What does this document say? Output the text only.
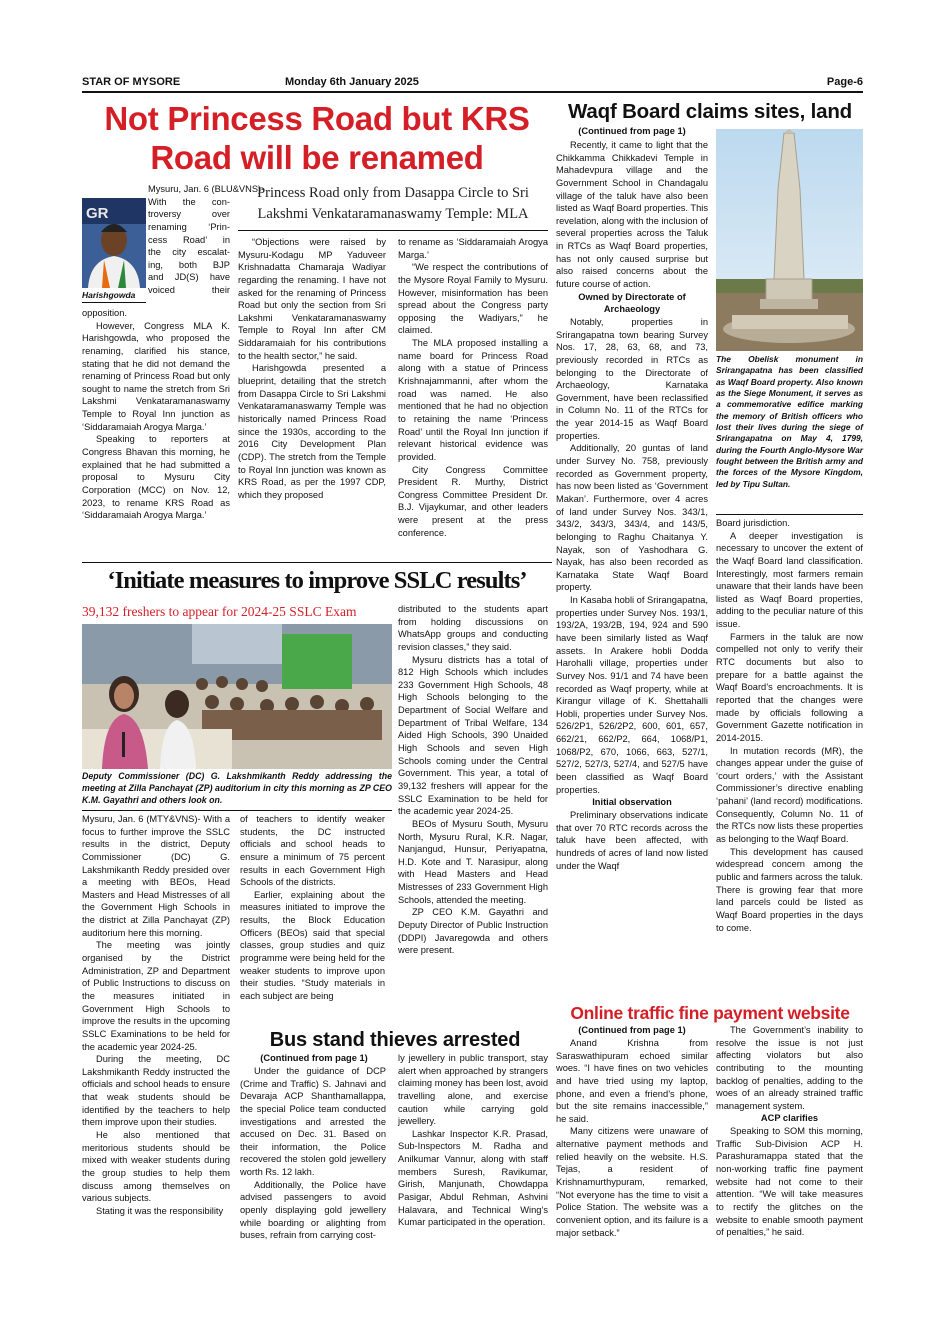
STAR OF MYSORE	Monday 6th January 2025	Page-6
Not Princess Road but KRS
Road will be renamed
GR
Harishgowda
Mysuru, Jan. 6 (BLU&VNS)-
With the con-
troversy over
renaming ‘Prin-
cess Road’ in
the city escalat-
ing, both BJP
and JD(S) have
voiced their

opposition.

However, Congress MLA K. Harishgowda, who proposed the renaming, clarified his stance, stating that he did not demand the renaming of Princess Road but only sought to name the stretch from Sri Lakshmi Venkataramanaswamy Temple to Royal Inn junction as ‘Siddaramaiah Arogya Marga.’

Speaking to reporters at Congress Bhavan this morning, he explained that he had submitted a proposal to Mysuru City Corporation (MCC) on Nov. 12, 2023, to rename KRS Road as ‘Siddaramaiah Arogya Marga.’

Princess Road only from Dasappa Circle to Sri Lakshmi Venkataramanaswamy Temple: MLA

“Objections were raised by Mysuru-Kodagu MP Yaduveer Krishnadatta Chamaraja Wadiyar regarding the renaming. I have not asked for the renaming of Princess Road but only the section from Sri Lakshmi Venkataramanaswamy Temple to Royal Inn after CM Siddaramaiah for his contributions to the health sector,” he said.

Harishgowda presented a blueprint, detailing that the stretch from Dasappa Circle to Sri Lakshmi Venkataramanaswamy Temple was historically named Princess Road since the 1930s, according to the 2016 City Development Plan (CDP). The stretch from the Temple to Royal Inn junction was known as KRS Road, as per the 1997 CDP, which they proposed

to rename as ‘Siddaramaiah Arogya Marga.’

“We respect the contributions of the Mysore Royal Family to Mysuru. However, misinformation has been spread about the Congress party opposing the Wadiyars,” he claimed.

The MLA proposed installing a name board for Princess Road along with a statue of Princess Krishnajammanni, after whom the road was named. He also mentioned that he had no objection to retaining the name ‘Princess Road’ until the Royal Inn junction if relevant historical evidence was provided.

City Congress Committee President R. Murthy, District Congress Committee President Dr. B.J. Vijaykumar, and other leaders were present at the press conference.

‘Initiate measures to improve SSLC results’
39,132 freshers to appear for 2024-25 SSLC Exam
Deputy Commissioner (DC) G. Lakshmikanth Reddy addressing the meeting at Zilla Panchayat (ZP) auditorium in city this morning as ZP CEO K.M. Gayathri and others look on.

Mysuru, Jan. 6 (MTY&VNS)- With a focus to further improve the SSLC results in the district, Deputy Commissioner (DC) G. Lakshmikanth Reddy presided over a meeting with BEOs, Head Masters and Head Mistresses of all the Government High Schools in the district at Zilla Panchayat (ZP) auditorium here this morning.

The meeting was jointly organised by the District Administration, ZP and Department of Public Instructions to discuss on the measures initiated in Government High Schools to improve the results in the upcoming SSLC Examinations to be held for the academic year 2024-25.

During the meeting, DC Lakshmikanth Reddy instructed the officials and school heads to ensure that weak students should be identified by the teachers to help them improve upon their studies.

He also mentioned that meritorious students should be mixed with weaker students during the group studies to help them discuss among themselves on various subjects.

Stating it was the responsibility

of teachers to identify weaker students, the DC instructed officials and school heads to ensure a minimum of 75 percent results in each Government High Schools of the districts.

Earlier, explaining about the measures initiated to improve the results, the Block Education Officers (BEOs) said that special classes, group studies and quiz programme were being held for the weaker students to improve upon their studies. “Study materials in each subject are being

distributed to the students apart from holding discussions on WhatsApp groups and conducting revision classes,” they said.

Mysuru districts has a total of 812 High Schools which includes 233 Government High Schools, 48 High Schools belonging to the Department of Social Welfare and Department of Tribal Welfare, 134 Aided High Schools, 390 Unaided High Schools and seven High Schools coming under the Central Government. This year, a total of 39,132 freshers will appear for the SSLC Examination to be held for the academic year 2024-25.

BEOs of Mysuru South, Mysuru North, Mysuru Rural, K.R. Nagar, Nanjangud, Hunsur, Periyapatna, H.D. Kote and T. Narasipur, along with Head Masters and Head Mistresses of 233 Government High Schools, attended the meeting.

ZP CEO K.M. Gayathri and Deputy Director of Public Instruction (DDPI) Javaregowda and others were present.

Bus stand thieves arrested
(Continued from page 1)

Under the guidance of DCP (Crime and Traffic) S. Jahnavi and Devaraja ACP Shanthamallappa, the special Police team conducted investigations and arrested the accused on Dec. 31. Based on their information, the Police recovered the stolen gold jewellery worth Rs. 12 lakh.

Additionally, the Police have advised passengers to avoid openly displaying gold jewellery while boarding or alighting from buses, refrain from carrying cost-

ly jewellery in public transport, stay alert when approached by strangers claiming money has been lost, avoid travelling alone, and exercise caution while carrying gold jewellery.

Lashkar Inspector K.R. Prasad, Sub-Inspectors M. Radha and Anilkumar Vannur, along with staff members Suresh, Ravikumar, Girish, Manjunath, Chowdappa Pasigar, Abdul Rehman, Ashvini Halavara, and Technical Wing’s Kumar participated in the operation.

Waqf Board claims sites, land
(Continued from page 1)

Recently, it came to light that the Chikkamma Chikkadevi Temple in Mahadevpura village and the Government School in Chandagalu village of the taluk have also been listed as Waqf Board properties. This revelation, along with the inclusion of several properties across the Taluk in RTCs as Waqf Board properties, has not only caused surprise but also raised concerns about the future course of action.

Owned by Directorate of Archaeology

Notably, properties in Srirangapatna town bearing Survey Nos. 17, 28, 63, 68, and 73, previously recorded in RTCs as belonging to the Directorate of Archaeology, Karnataka Government, have been reclassified in Column No. 11 of the RTCs for the year 2014-15 as Waqf Board properties.

Additionally, 20 guntas of land under Survey No. 758, previously recorded as Government property, has now been listed as ‘Government Makan’. Furthermore, over 4 acres of land under Survey Nos. 343/1, 343/2, 343/3, 343/4, and 143/5, belonging to Raghu Chaitanya Y. Nayak, son of Yashodhara G. Nayak, has also been recorded as Karnataka State Waqf Board property.

In Kasaba hobli of Srirangapatna, properties under Survey Nos. 193/1, 193/2A, 193/2B, 194, 924 and 590 have been similarly listed as Waqf assets. In Arakere hobli Dodda Harohalli village, properties under Survey Nos. 91/1 and 74 have been recorded as Waqf property, while at Kirangur village of K. Shettahalli Hobli, properties under Survey Nos. 526/2P1, 526/2P2, 600, 601, 657, 662/21, 662/P2, 664, 1068/P1, 1068/P2, 670, 1066, 663, 527/1, 527/2, 527/3, 527/4, and 527/5 have been classified as Waqf Board properties.

Initial observation

Preliminary observations indicate that over 70 RTC records across the taluk have been affected, with hundreds of acres of land now listed under the Waqf

The Obelisk monument in Srirangapatna has been classified as Waqf Board property. Also known as the Siege Monument, it serves as a commemorative edifice marking the memory of British officers who lost their lives during the siege of Srirangapatna on May 4, 1799, during the Fourth Anglo-Mysore War fought between the British army and the forces of the Mysore Kingdom, led by Tipu Sultan.

Board jurisdiction.

A deeper investigation is necessary to uncover the extent of the Waqf Board land classification. Interestingly, most farmers remain unaware that their lands have been listed as Waqf Board properties, adding to the peculiar nature of this issue.

Farmers in the taluk are now compelled not only to verify their RTC documents but also to prepare for a battle against the Waqf Board’s encroachments. It is reported that the changes were made by officials following a Government Gazette notification in 2014-2015.

In mutation records (MR), the changes appear under the guise of ‘court orders,’ with the Assistant Commissioner’s directive enabling ‘pahani’ (land record) modifications. Consequently, Column No. 11 of the RTCs now lists these properties as belonging to the Waqf Board.

This development has caused widespread concern among the public and farmers across the taluk. There is growing fear that more land parcels could be listed as Waqf Board properties in the days to come.

Online traffic fine payment website
(Continued from page 1)

Anand Krishna from Saraswathipuram echoed similar woes. “I have fines on two vehicles and have tried using my laptop, phone, and even a friend’s phone, but the site remains inaccessible,” he said.

Many citizens were unaware of alternative payment methods and relied heavily on the website. H.S. Tejas, a resident of Krishnamurthypuram, remarked, “Not everyone has the time to visit a Police Station. The website was a convenient option, and its failure is a major setback.”

The Government’s inability to resolve the issue is not just affecting violators but also contributing to the mounting backlog of penalties, adding to the woes of an already strained traffic management system.

ACP clarifies

Speaking to SOM this morning, Traffic Sub-Division ACP H. Parashuramappa stated that the non-working traffic fine payment website had not come to their attention. “We will take measures to rectify the glitches on the website to enable smooth payment of penalties,” he said.
